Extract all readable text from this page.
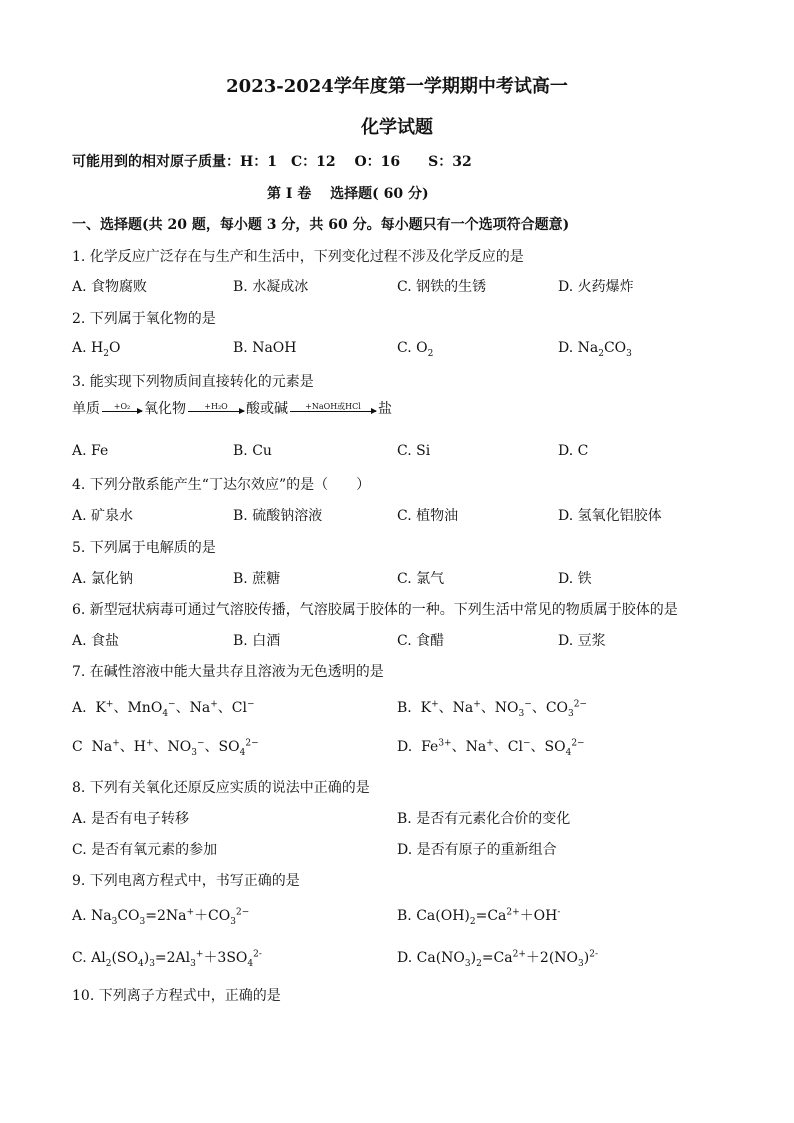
2023-2024学年度第一学期期中考试高一
化学试题
可能用到的相对原子质量：H：1　C：12　 O：16　　S：32
第 I 卷　 选择题( 60 分)
一、选择题(共 20 题，每小题 3 分，共 60 分。每小题只有一个选项符合题意)
1. 化学反应广泛存在与生产和生活中，下列变化过程不涉及化学反应的是
A. 食物腐败	B. 水凝成冰	C. 钢铁的生锈	D. 火药爆炸
2. 下列属于氧化物的是
A. $H_2O$	B. NaOH	C. $O_2$	D. $Na_2CO_3$
3. 能实现下列物质间直接转化的元素是
单质	+O₂ 氧化物	+H₂O	酸或碱	+NaOH或HCl	盐
A. Fe	B. Cu	C. Si	D. C
4. 下列分散系能产生“丁达尔效应”的是（　　）
A. 矿泉水	B. 硫酸钠溶液	C. 植物油	D. 氢氧化铝胶体
5. 下列属于电解质的是
A. 氯化钠	B. 蔗糖	C. 氯气	D. 铁
6. 新型冠状病毒可通过气溶胶传播，气溶胶属于胶体的一种。下列生活中常见的物质属于胶体的是
A. 食盐	B. 白酒	C. 食醋	D. 豆浆
7. 在碱性溶液中能大量共存且溶液为无色透明的是
A.  K+、MnO$_4$−、Na+、Cl−	B.  K+、Na+、$NO_3^-$、$CO_3^{2-}$
C  Na+、H+、$NO_3^-$、$SO_4^{2-}$	D.  $Fe^{3+}$、Na+、Cl−、$SO_4^{2-}$
8. 下列有关氧化还原反应实质的说法中正确的是
A. 是否有电子转移	B. 是否有元素化合价的变化
C. 是否有氧元素的参加	D. 是否有原子的重新组合
9. 下列电离方程式中，书写正确的是
A. $Na_3CO_3=2Na^++CO_3^{2-}$	B. $Ca(OH)_2=Ca^{2+}+OH^-$
C. $Al_2(SO_4)_3=2Al_3^++3SO_4^{2-}$	D. $Ca(NO_3)_2=Ca^{2+}+2(NO_3)^{2-}$
10. 下列离子方程式中，正确的是
